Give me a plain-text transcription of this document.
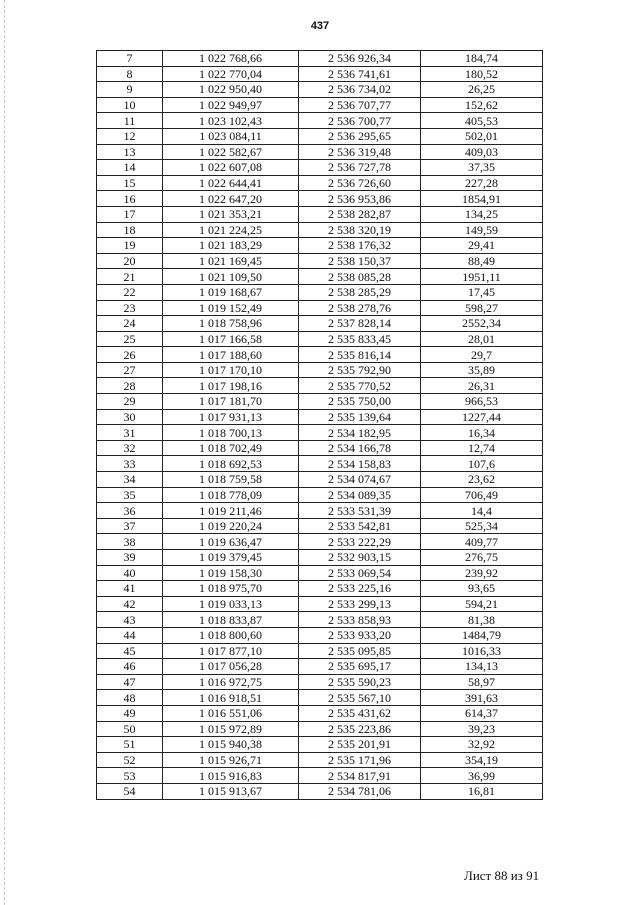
437
7	1 022 768,66	2 536 926,34	184,74
8	1 022 770,04	2 536 741,61	180,52
9	1 022 950,40	2 536 734,02	26,25
10	1 022 949,97	2 536 707,77	152,62
11	1 023 102,43	2 536 700,77	405,53
12	1 023 084,11	2 536 295,65	502,01
13	1 022 582,67	2 536 319,48	409,03
14	1 022 607,08	2 536 727,78	37,35
15	1 022 644,41	2 536 726,60	227,28
16	1 022 647,20	2 536 953,86	1854,91
17	1 021 353,21	2 538 282,87	134,25
18	1 021 224,25	2 538 320,19	149,59
19	1 021 183,29	2 538 176,32	29,41
20	1 021 169,45	2 538 150,37	88,49
21	1 021 109,50	2 538 085,28	1951,11
22	1 019 168,67	2 538 285,29	17,45
23	1 019 152,49	2 538 278,76	598,27
24	1 018 758,96	2 537 828,14	2552,34
25	1 017 166,58	2 535 833,45	28,01
26	1 017 188,60	2 535 816,14	29,7
27	1 017 170,10	2 535 792,90	35,89
28	1 017 198,16	2 535 770,52	26,31
29	1 017 181,70	2 535 750,00	966,53
30	1 017 931,13	2 535 139,64	1227,44
31	1 018 700,13	2 534 182,95	16,34
32	1 018 702,49	2 534 166,78	12,74
33	1 018 692,53	2 534 158,83	107,6
34	1 018 759,58	2 534 074,67	23,62
35	1 018 778,09	2 534 089,35	706,49
36	1 019 211,46	2 533 531,39	14,4
37	1 019 220,24	2 533 542,81	525,34
38	1 019 636,47	2 533 222,29	409,77
39	1 019 379,45	2 532 903,15	276,75
40	1 019 158,30	2 533 069,54	239,92
41	1 018 975,70	2 533 225,16	93,65
42	1 019 033,13	2 533 299,13	594,21
43	1 018 833,87	2 533 858,93	81,38
44	1 018 800,60	2 533 933,20	1484,79
45	1 017 877,10	2 535 095,85	1016,33
46	1 017 056,28	2 535 695,17	134,13
47	1 016 972,75	2 535 590,23	58,97
48	1 016 918,51	2 535 567,10	391,63
49	1 016 551,06	2 535 431,62	614,37
50	1 015 972,89	2 535 223,86	39,23
51	1 015 940,38	2 535 201,91	32,92
52	1 015 926,71	2 535 171,96	354,19
53	1 015 916,83	2 534 817,91	36,99
54	1 015 913,67	2 534 781,06	16,81
Лист 88 из 91
